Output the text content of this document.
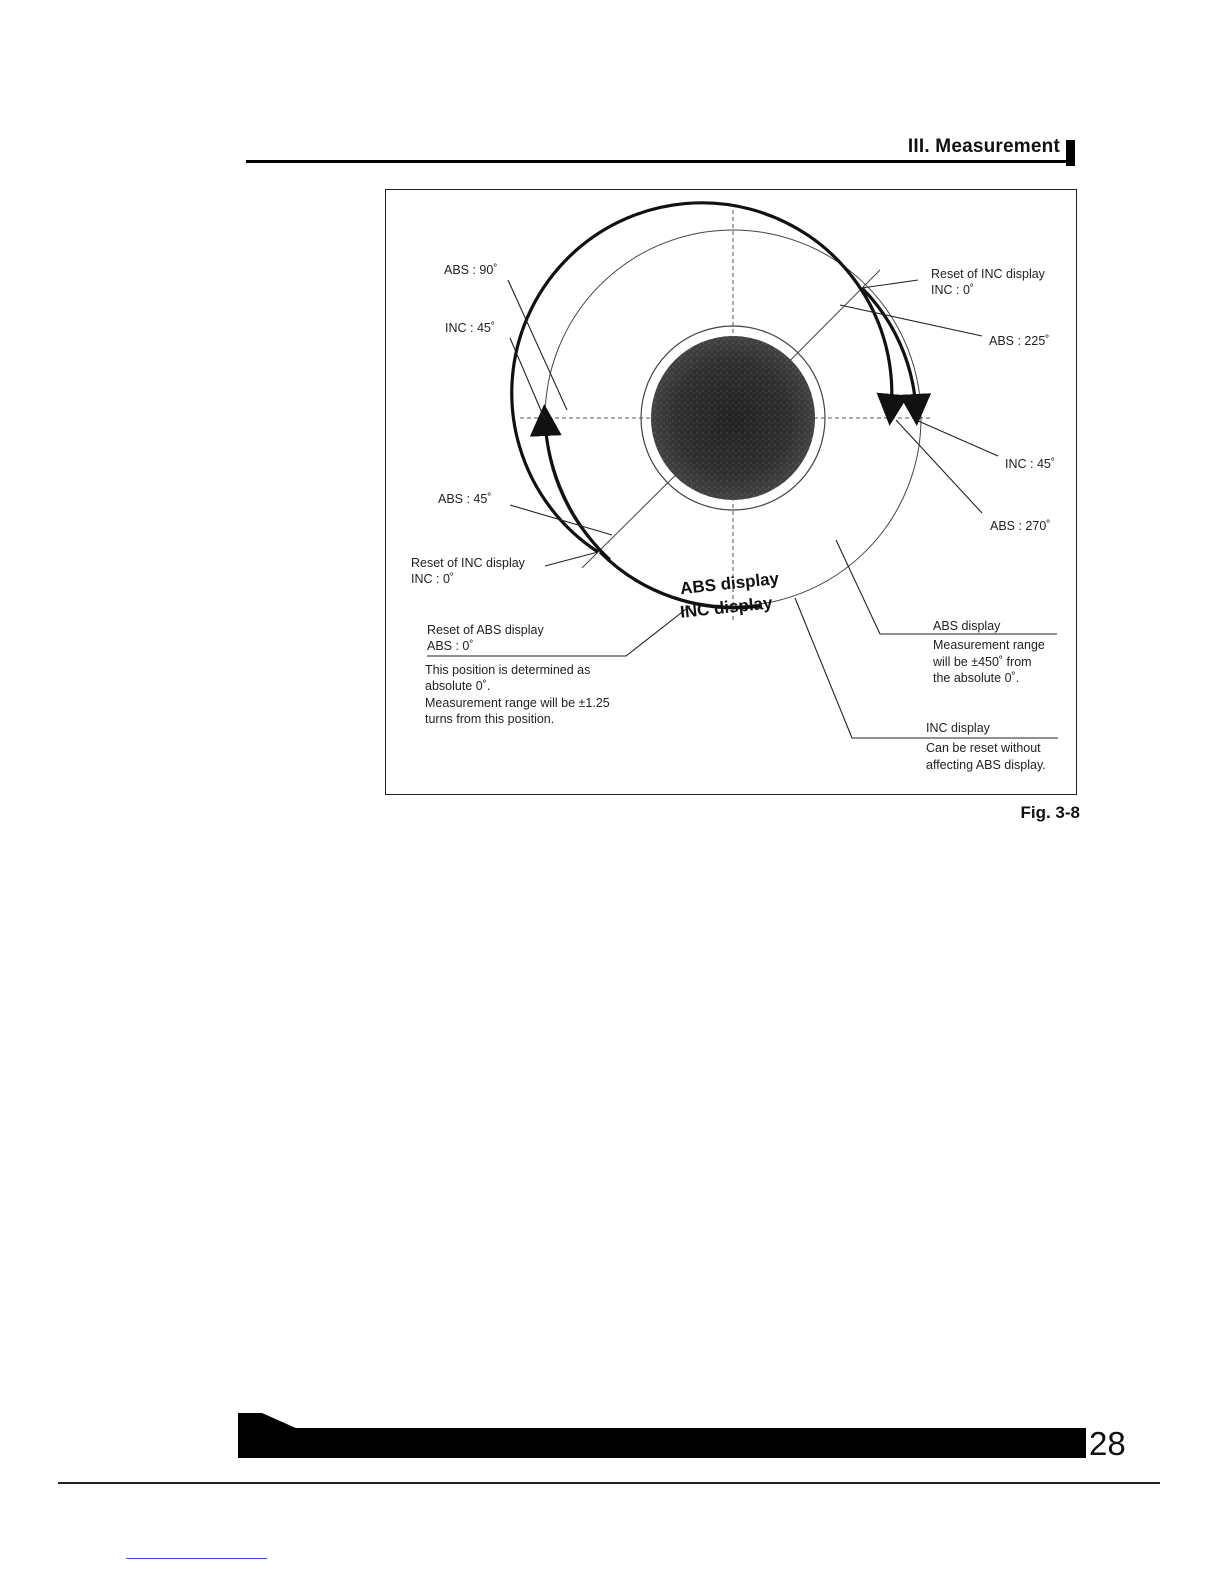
III. Measurement
ABS display
INC display
ABS : 90˚
INC : 45˚
ABS : 45˚
Reset of INC display
INC : 0˚
Reset of ABS display
ABS : 0˚
This position is determined as
absolute 0˚.
Measurement range will be ±1.25
turns from this position.
Reset of INC display
INC : 0˚
ABS : 225˚
INC : 45˚
ABS : 270˚
ABS display
Measurement range
will be ±450˚ from
the absolute 0˚.
INC display
Can be reset without
affecting ABS display.
Fig. 3-8
28
